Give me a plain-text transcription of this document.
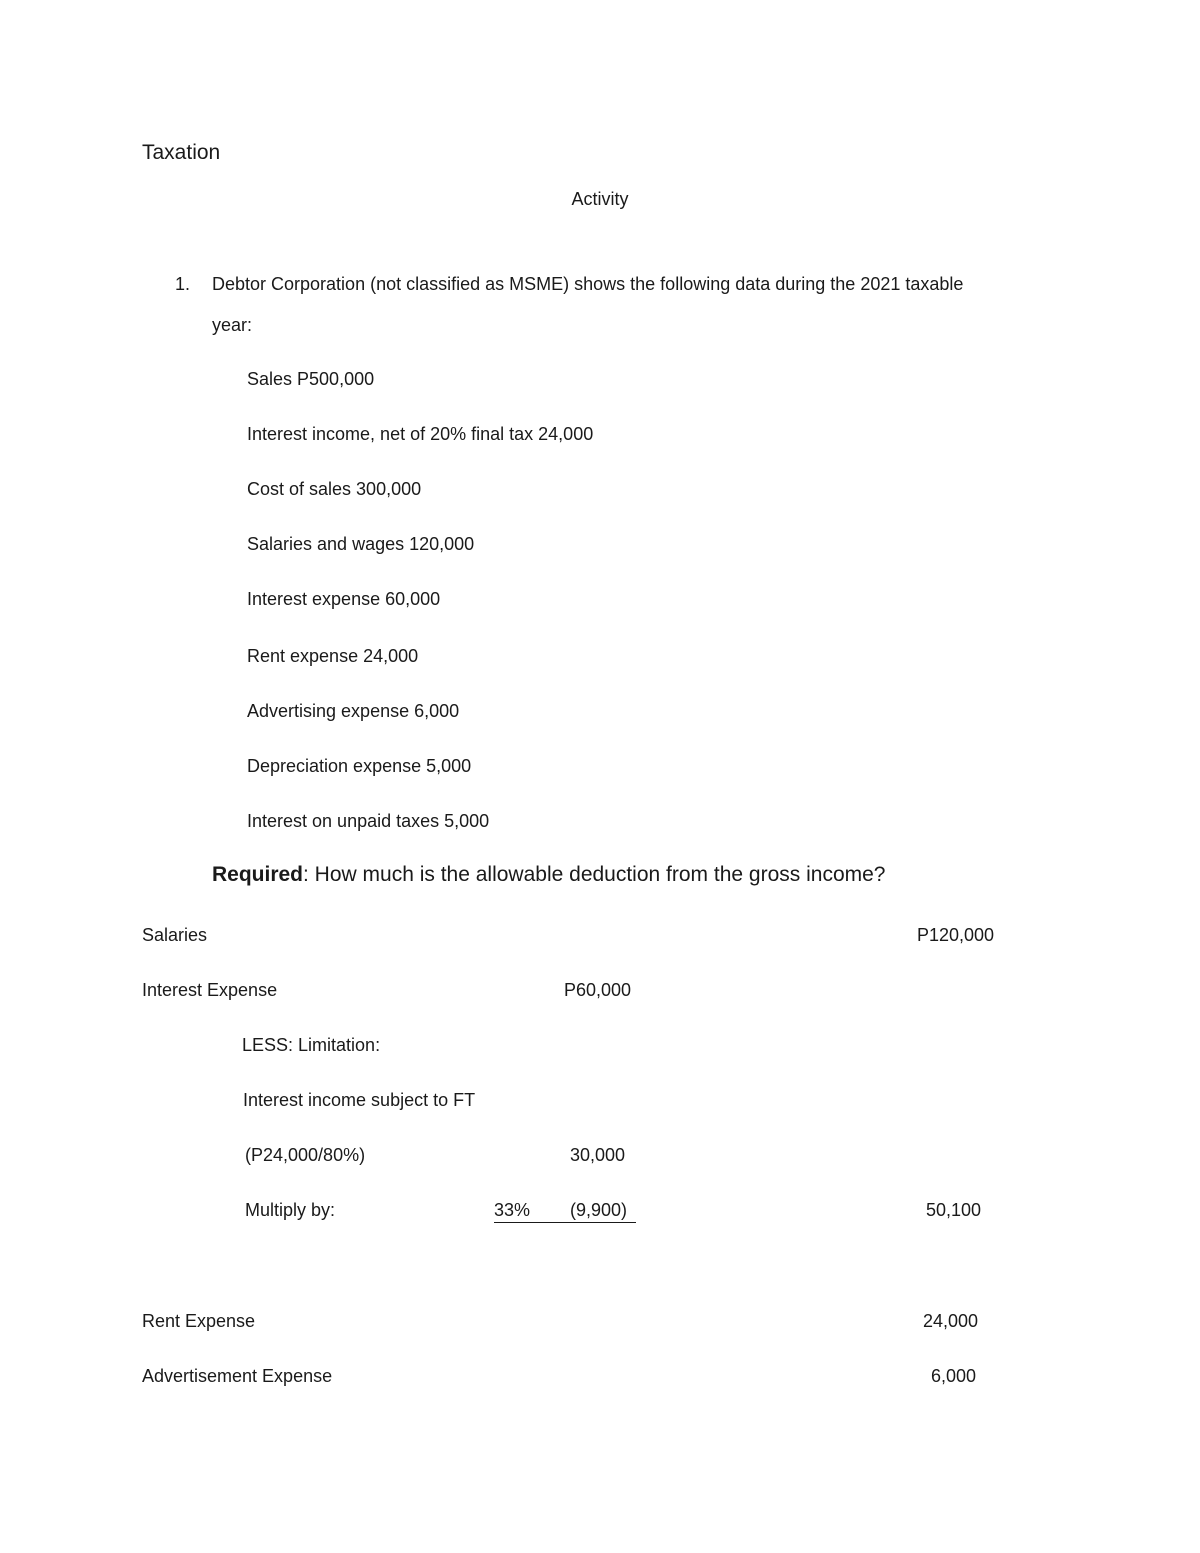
Taxation
Activity
1. Debtor Corporation (not classified as MSME) shows the following data during the 2021 taxable
year:
Sales P500,000
Interest income, net of 20% final tax 24,000
Cost of sales 300,000
Salaries and wages 120,000
Interest expense 60,000
Rent expense 24,000
Advertising expense 6,000
Depreciation expense 5,000
Interest on unpaid taxes 5,000
Required: How much is the allowable deduction from the gross income?
Salaries	P120,000
Interest Expense	P60,000
LESS: Limitation:
Interest income subject to FT
(P24,000/80%)	30,000
Multiply by:	33% (9,900)	50,100
Rent Expense	24,000
Advertisement Expense	6,000
